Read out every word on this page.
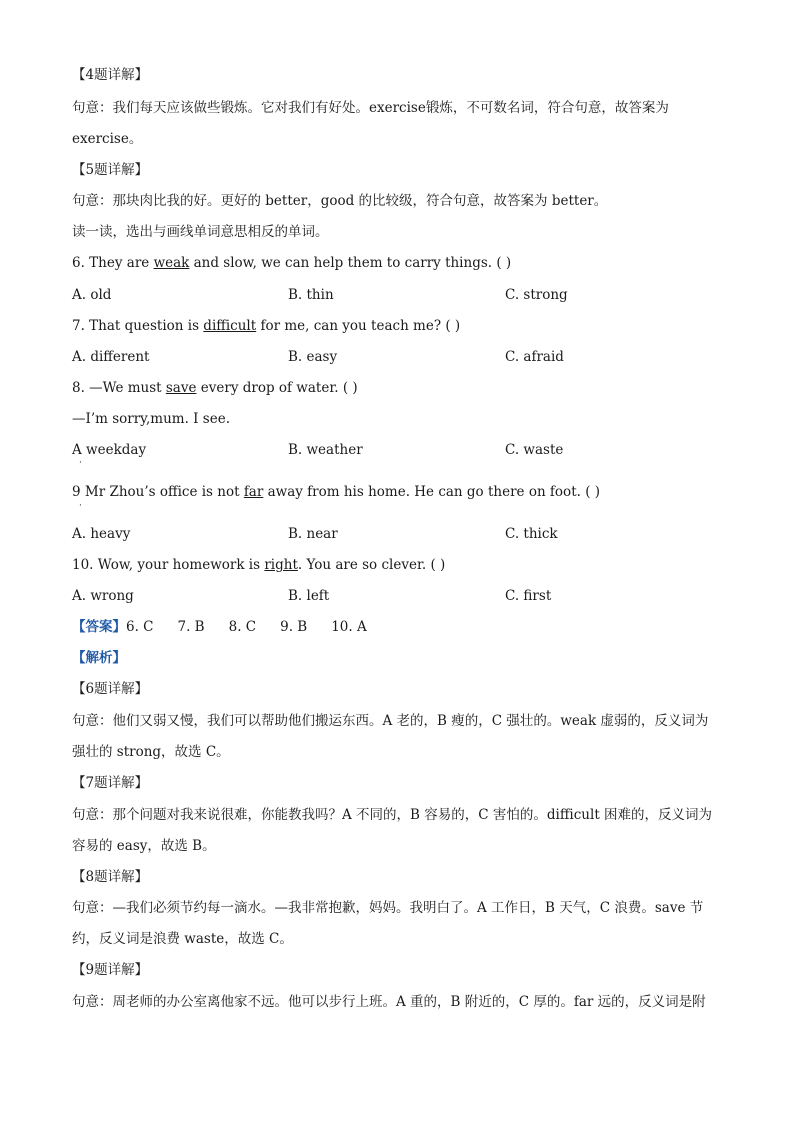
【4题详解】
句意：我们每天应该做些锻炼。它对我们有好处。exercise锻炼，不可数名词，符合句意，故答案为
exercise。
【5题详解】
句意：那块肉比我的好。更好的 better，good 的比较级，符合句意，故答案为 better。
读一读，选出与画线单词意思相反的单词。
6. They are weak and slow, we can help them to carry things. ( )
A. old	B. thin	C. strong
7. That question is difficult for me, can you teach me? ( )
A. different	B. easy	C. afraid
8. —We must save every drop of water. ( )
—I’m sorry,mum. I see.
A weekday	B. weather	C. waste
·
9 Mr Zhou’s office is not far away from his home. He can go there on foot. ( )
·
A. heavy	B. near	C. thick
10. Wow, your homework is right. You are so clever. ( )
A. wrong	B. left	C. first
【答案】6. C 7. B 8. C 9. B 10. A
【解析】
【6题详解】
句意：他们又弱又慢，我们可以帮助他们搬运东西。A 老的，B 瘦的，C 强壮的。weak 虚弱的，反义词为
强壮的 strong，故选 C。
【7题详解】
句意：那个问题对我来说很难，你能教我吗？A 不同的，B 容易的，C 害怕的。difficult 困难的，反义词为
容易的 easy，故选 B。
【8题详解】
句意：—我们必须节约每一滴水。—我非常抱歉，妈妈。我明白了。A 工作日，B 天气，C 浪费。save 节
约，反义词是浪费 waste，故选 C。
【9题详解】
句意：周老师的办公室离他家不远。他可以步行上班。A 重的，B 附近的，C 厚的。far 远的，反义词是附
